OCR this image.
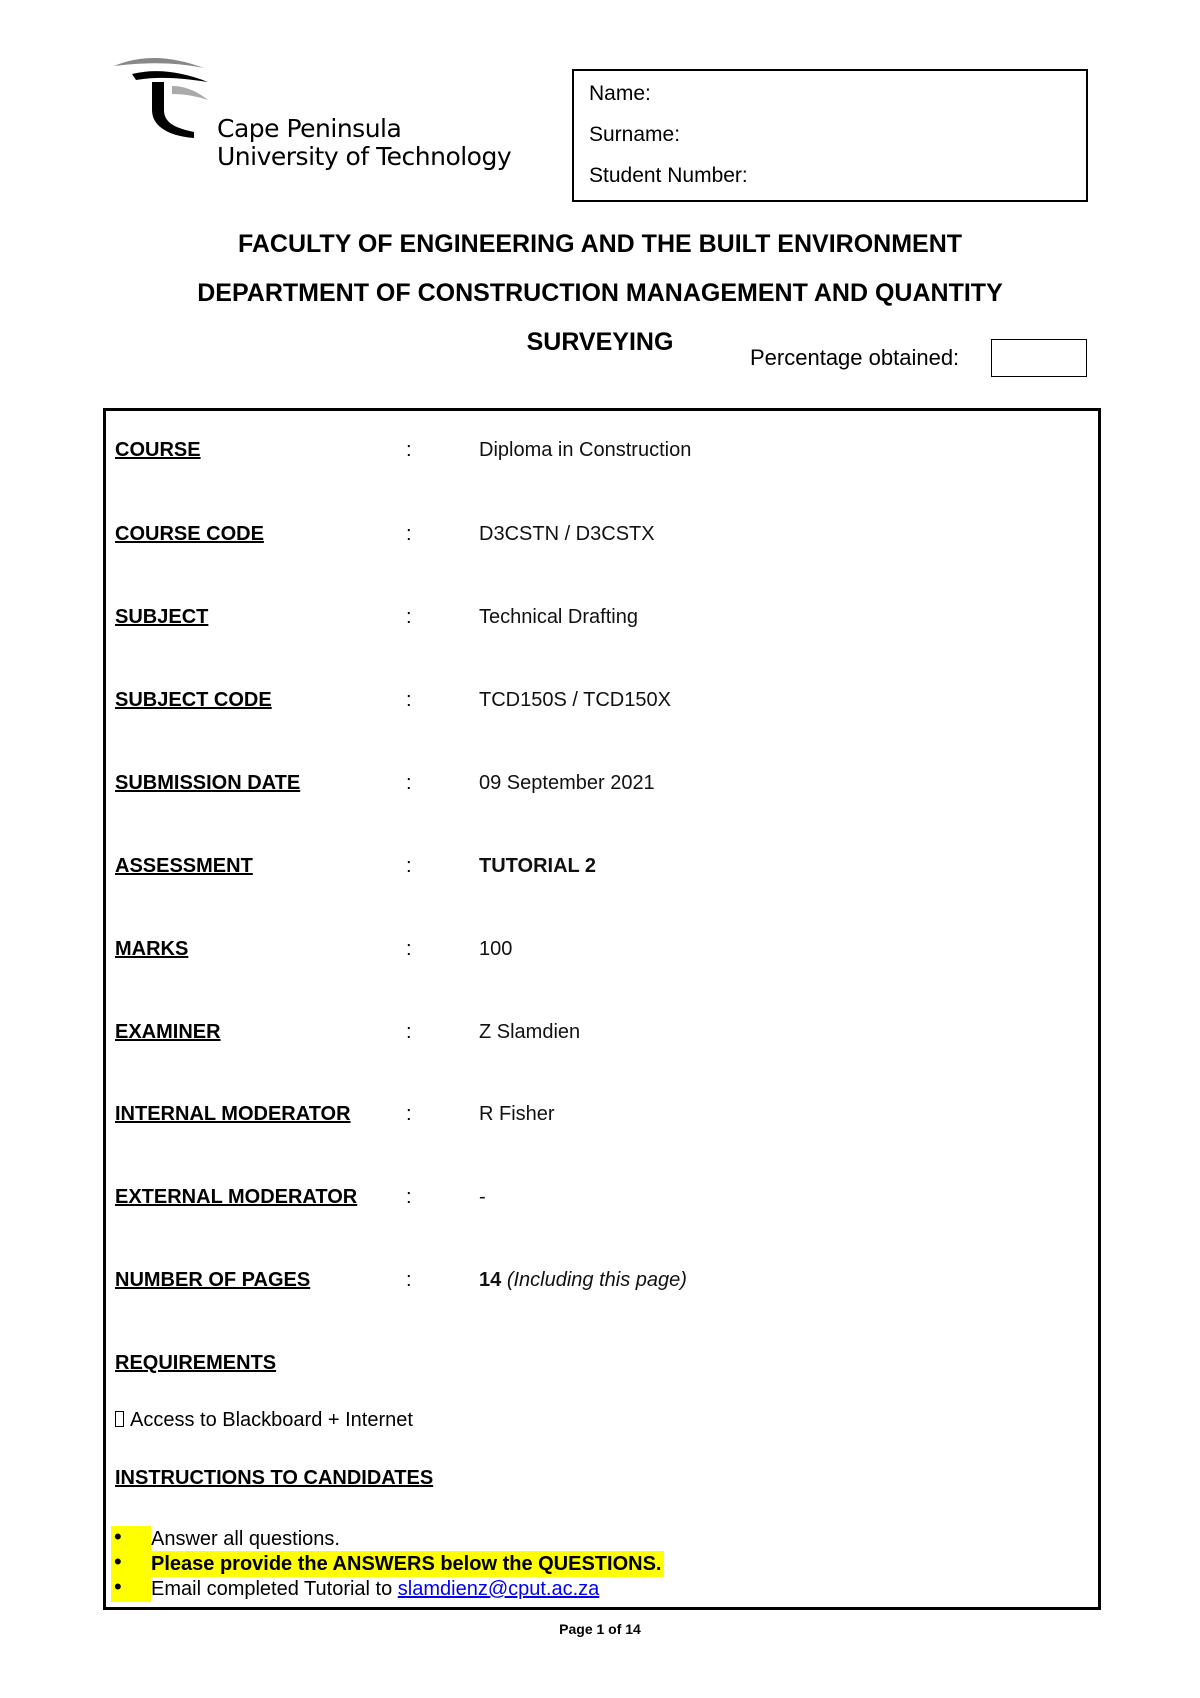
Cape Peninsula
University of Technology
Name:
Surname:
Student Number:
FACULTY OF ENGINEERING AND THE BUILT ENVIRONMENT
DEPARTMENT OF CONSTRUCTION MANAGEMENT AND QUANTITY
SURVEYING
Percentage obtained:
COURSE	:	Diploma in Construction
COURSE CODE	:	D3CSTN / D3CSTX
SUBJECT	:	Technical Drafting
SUBJECT CODE	:	TCD150S / TCD150X
SUBMISSION DATE	:	09 September 2021
ASSESSMENT	:	TUTORIAL 2
MARKS	:	100
EXAMINER	:	Z Slamdien
INTERNAL MODERATOR	:	R Fisher
EXTERNAL MODERATOR :	-
NUMBER OF PAGES	:	14 (Including this page)
REQUIREMENTS
Access to Blackboard + Internet
INSTRUCTIONS TO CANDIDATES
• Answer all questions.
• Please provide the ANSWERS below the QUESTIONS.
• Email completed Tutorial to slamdienz@cput.ac.za
Page 1 of 14
